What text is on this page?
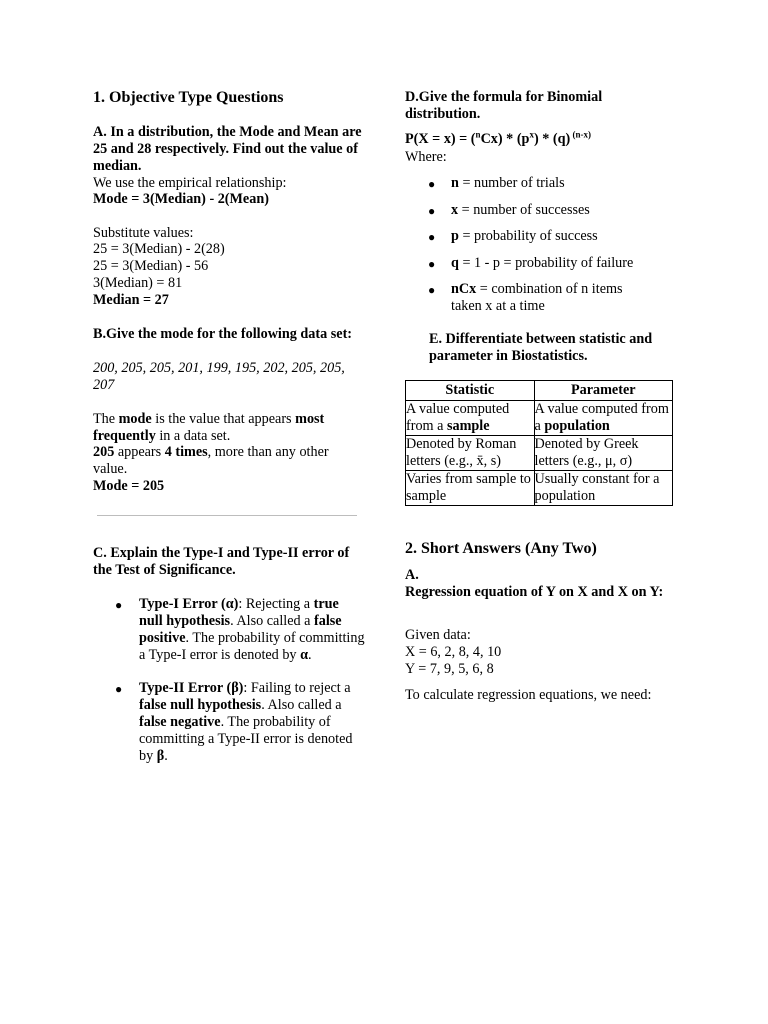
1. Objective Type Questions

A. In a distribution, the Mode and Mean are 25 and 28 respectively. Find out the value of median.

We use the empirical relationship:

Mode = 3(Median) - 2(Mean)

Substitute values:

25 = 3(Median) - 2(28)

25 = 3(Median) - 56

3(Median) = 81

Median = 27

B.Give the mode for the following data set:

200, 205, 205, 201, 199, 195, 202, 205, 205, 207

The mode is the value that appears most frequently in a data set.

205 appears 4 times, more than any other value.

Mode = 205

C. Explain the Type-I and Type-II error of the Test of Significance.

● Type-I Error (α): Rejecting a true null hypothesis. Also called a false positive. The probability of committing a Type-I error is denoted by α.

● Type-II Error (β): Failing to reject a false null hypothesis. Also called a false negative. The probability of committing a Type-II error is denoted by β.

D.Give the formula for Binomial distribution.

$P(X = x) = (^nCx) * (p^x) * (q)$ $^{(n-x)}$

Where:

● n = number of trials

● x = number of successes

● p = probability of success

● q = 1 - p = probability of failure

● nCx = combination of n items taken x at a time

E. Differentiate between statistic and parameter in Biostatistics.

Statistic	Parameter
A value computed from a sample	A value computed from a population
Denoted by Roman letters (e.g., x̄, s)	Denoted by Greek letters (e.g., μ, σ)
Varies from sample to sample	Usually constant for a population

2. Short Answers (Any Two)

A.

Regression equation of Y on X and X on Y:

Given data:

X = 6, 2, 8, 4, 10

Y = 7, 9, 5, 6, 8

To calculate regression equations, we need:
